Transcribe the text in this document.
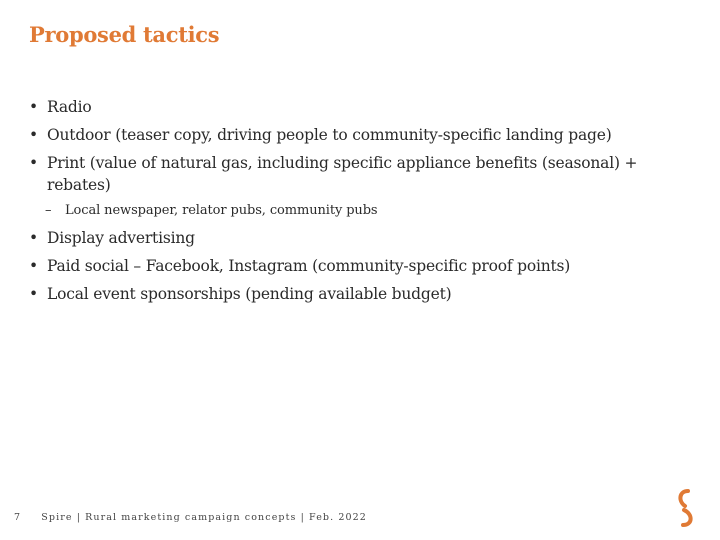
Proposed tactics
• Radio
• Outdoor (teaser copy, driving people to community-specific landing page)
• Print (value of natural gas, including specific appliance benefits (seasonal) + rebates)
– Local newspaper, relator pubs, community pubs
• Display advertising
• Paid social – Facebook, Instagram (community-specific proof points)
• Local event sponsorships (pending available budget)
7 Spire | Rural marketing campaign concepts | Feb. 2022
